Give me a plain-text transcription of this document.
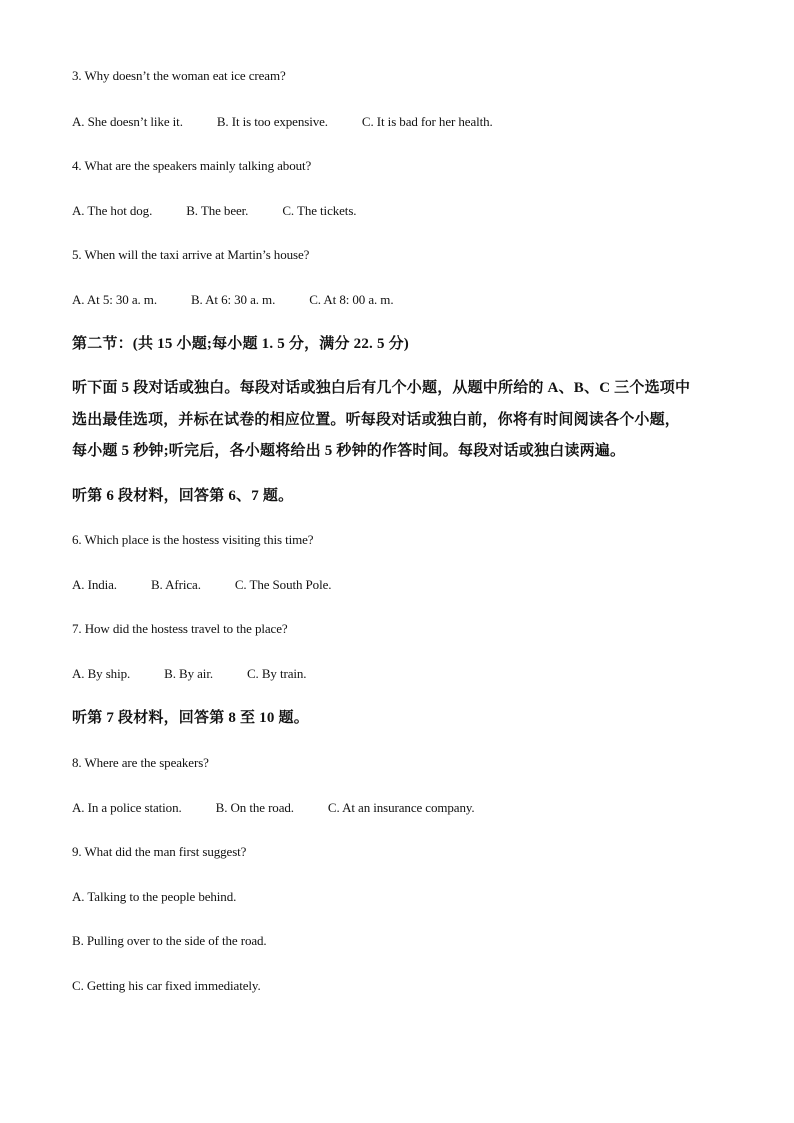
3. Why doesn’t the woman eat ice cream?
A. She doesn’t like it.	B. It is too expensive.	C. It is bad for her health.
4. What are the speakers mainly talking about?
A. The hot dog.	B. The beer.	C. The tickets.
5. When will the taxi arrive at Martin’s house?
A. At 5: 30 a. m.	B. At 6: 30 a. m.	C. At 8: 00 a. m.
第二节：(共 15 小题;每小题 1. 5 分，满分 22. 5 分)
听下面 5 段对话或独白。每段对话或独白后有几个小题，从题中所给的 A、B、C 三个选项中
选出最佳选项，并标在试卷的相应位置。听每段对话或独白前，你将有时间阅读各个小题，
每小题 5 秒钟;听完后，各小题将给出 5 秒钟的作答时间。每段对话或独白读两遍。
听第 6 段材料，回答第 6、7 题。
6. Which place is the hostess visiting this time?
A. India.	B. Africa.	C. The South Pole.
7. How did the hostess travel to the place?
A. By ship.	B. By air.	C. By train.
听第 7 段材料，回答第 8 至 10 题。
8. Where are the speakers?
A. In a police station.	B. On the road.	C. At an insurance company.
9. What did the man first suggest?
A. Talking to the people behind.
B. Pulling over to the side of the road.
C. Getting his car fixed immediately.
